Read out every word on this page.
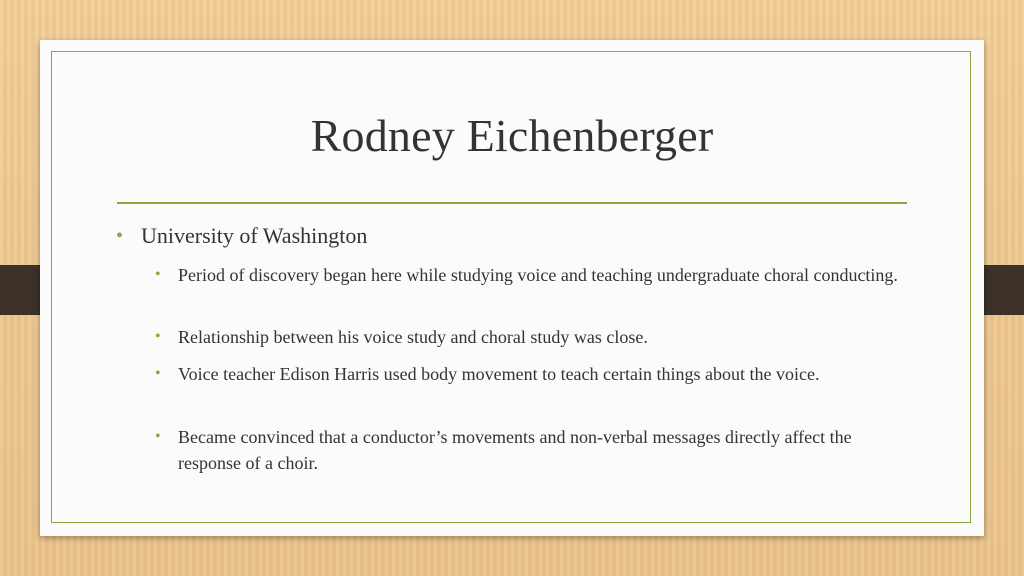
Rodney Eichenberger
• University of Washington
• Period of discovery began here while studying voice and teaching undergraduate choral conducting.
• Relationship between his voice study and choral study was close.
• Voice teacher Edison Harris used body movement to teach certain things about the voice.
• Became convinced that a conductor’s movements and non-verbal messages directly affect the response of a choir.
